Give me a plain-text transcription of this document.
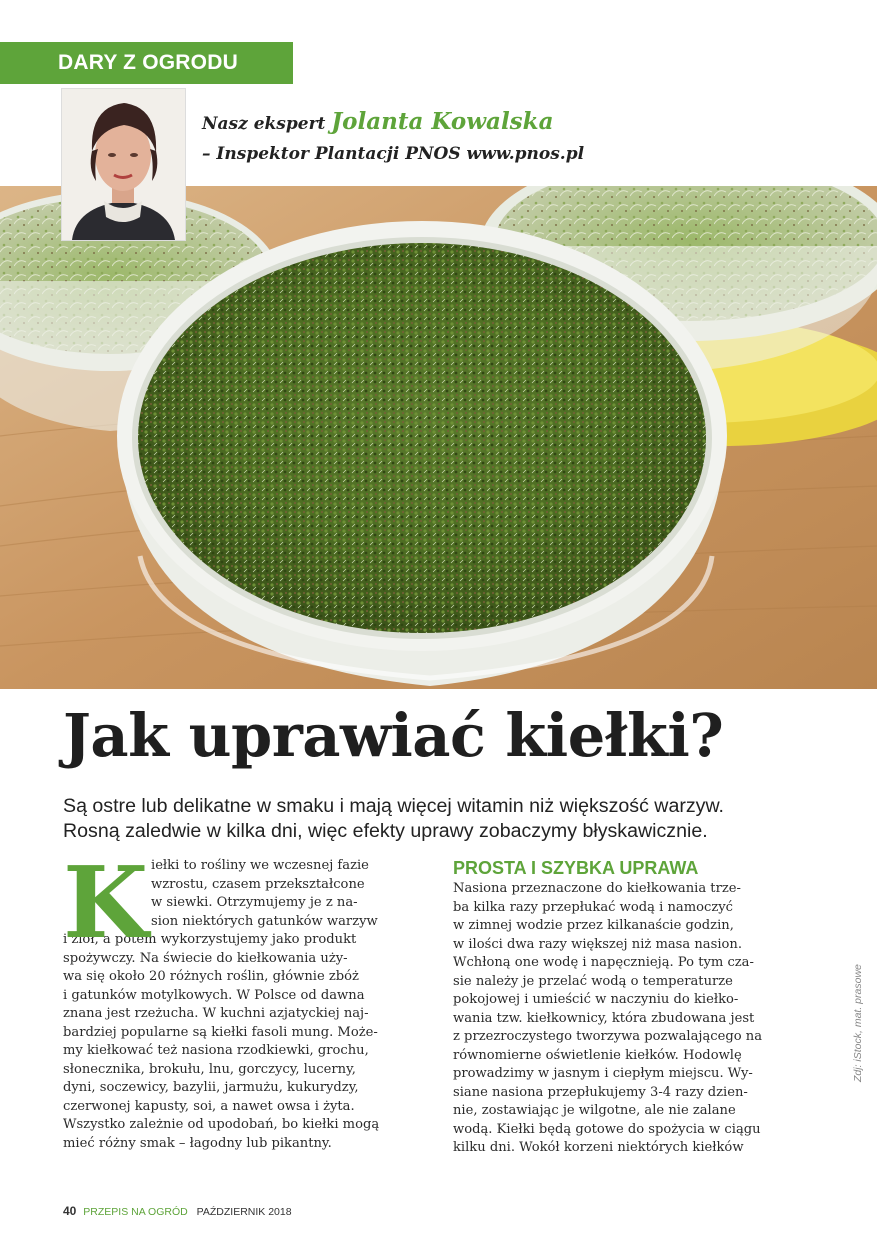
DARY Z OGRODU
Nasz ekspert Jolanta Kowalska
– Inspektor Plantacji PNOS www.pnos.pl
Jak uprawiać kiełki?
Są ostre lub delikatne w smaku i mają więcej witamin niż większość warzyw.
Rosną zaledwie w kilka dni, więc efekty uprawy zobaczymy błyskawicznie.
K iełki to rośliny we wczesnej fazie
wzrostu, czasem przekształcone
w siewki. Otrzymujemy je z na-
sion niektórych gatunków warzyw
i ziół, a potem wykorzystujemy jako produkt
spożywczy. Na świecie do kiełkowania uży-
wa się około 20 różnych roślin, głównie zbóż
i gatunków motylkowych. W Polsce od dawna
znana jest rzeżucha. W kuchni azjatyckiej naj-
bardziej popularne są kiełki fasoli mung. Może-
my kiełkować też nasiona rzodkiewki, grochu,
słonecznika, brokułu, lnu, gorczycy, lucerny,
dyni, soczewicy, bazylii, jarmużu, kukurydzy,
czerwonej kapusty, soi, a nawet owsa i żyta.
Wszystko zależnie od upodobań, bo kiełki mogą
mieć różny smak – łagodny lub pikantny.
PROSTA I SZYBKA UPRAWA
Nasiona przeznaczone do kiełkowania trze-
ba kilka razy przepłukać wodą i namoczyć
w zimnej wodzie przez kilkanaście godzin,
w ilości dwa razy większej niż masa nasion.
Wchłoną one wodę i napęcznieją. Po tym cza-
sie należy je przelać wodą o temperaturze
pokojowej i umieścić w naczyniu do kiełko-
wania tzw. kiełkownicy, która zbudowana jest
z przezroczystego tworzywa pozwalającego na
równomierne oświetlenie kiełków. Hodowlę
prowadzimy w jasnym i ciepłym miejscu. Wy-
siane nasiona przepłukujemy 3-4 razy dzien-
nie, zostawiając je wilgotne, ale nie zalane
wodą. Kiełki będą gotowe do spożycia w ciągu
kilku dni. Wokół korzeni niektórych kiełków
Zdj: iStock, mat. prasowe
40 PRZEPIS NA OGRÓD PAŹDZIERNIK 2018
